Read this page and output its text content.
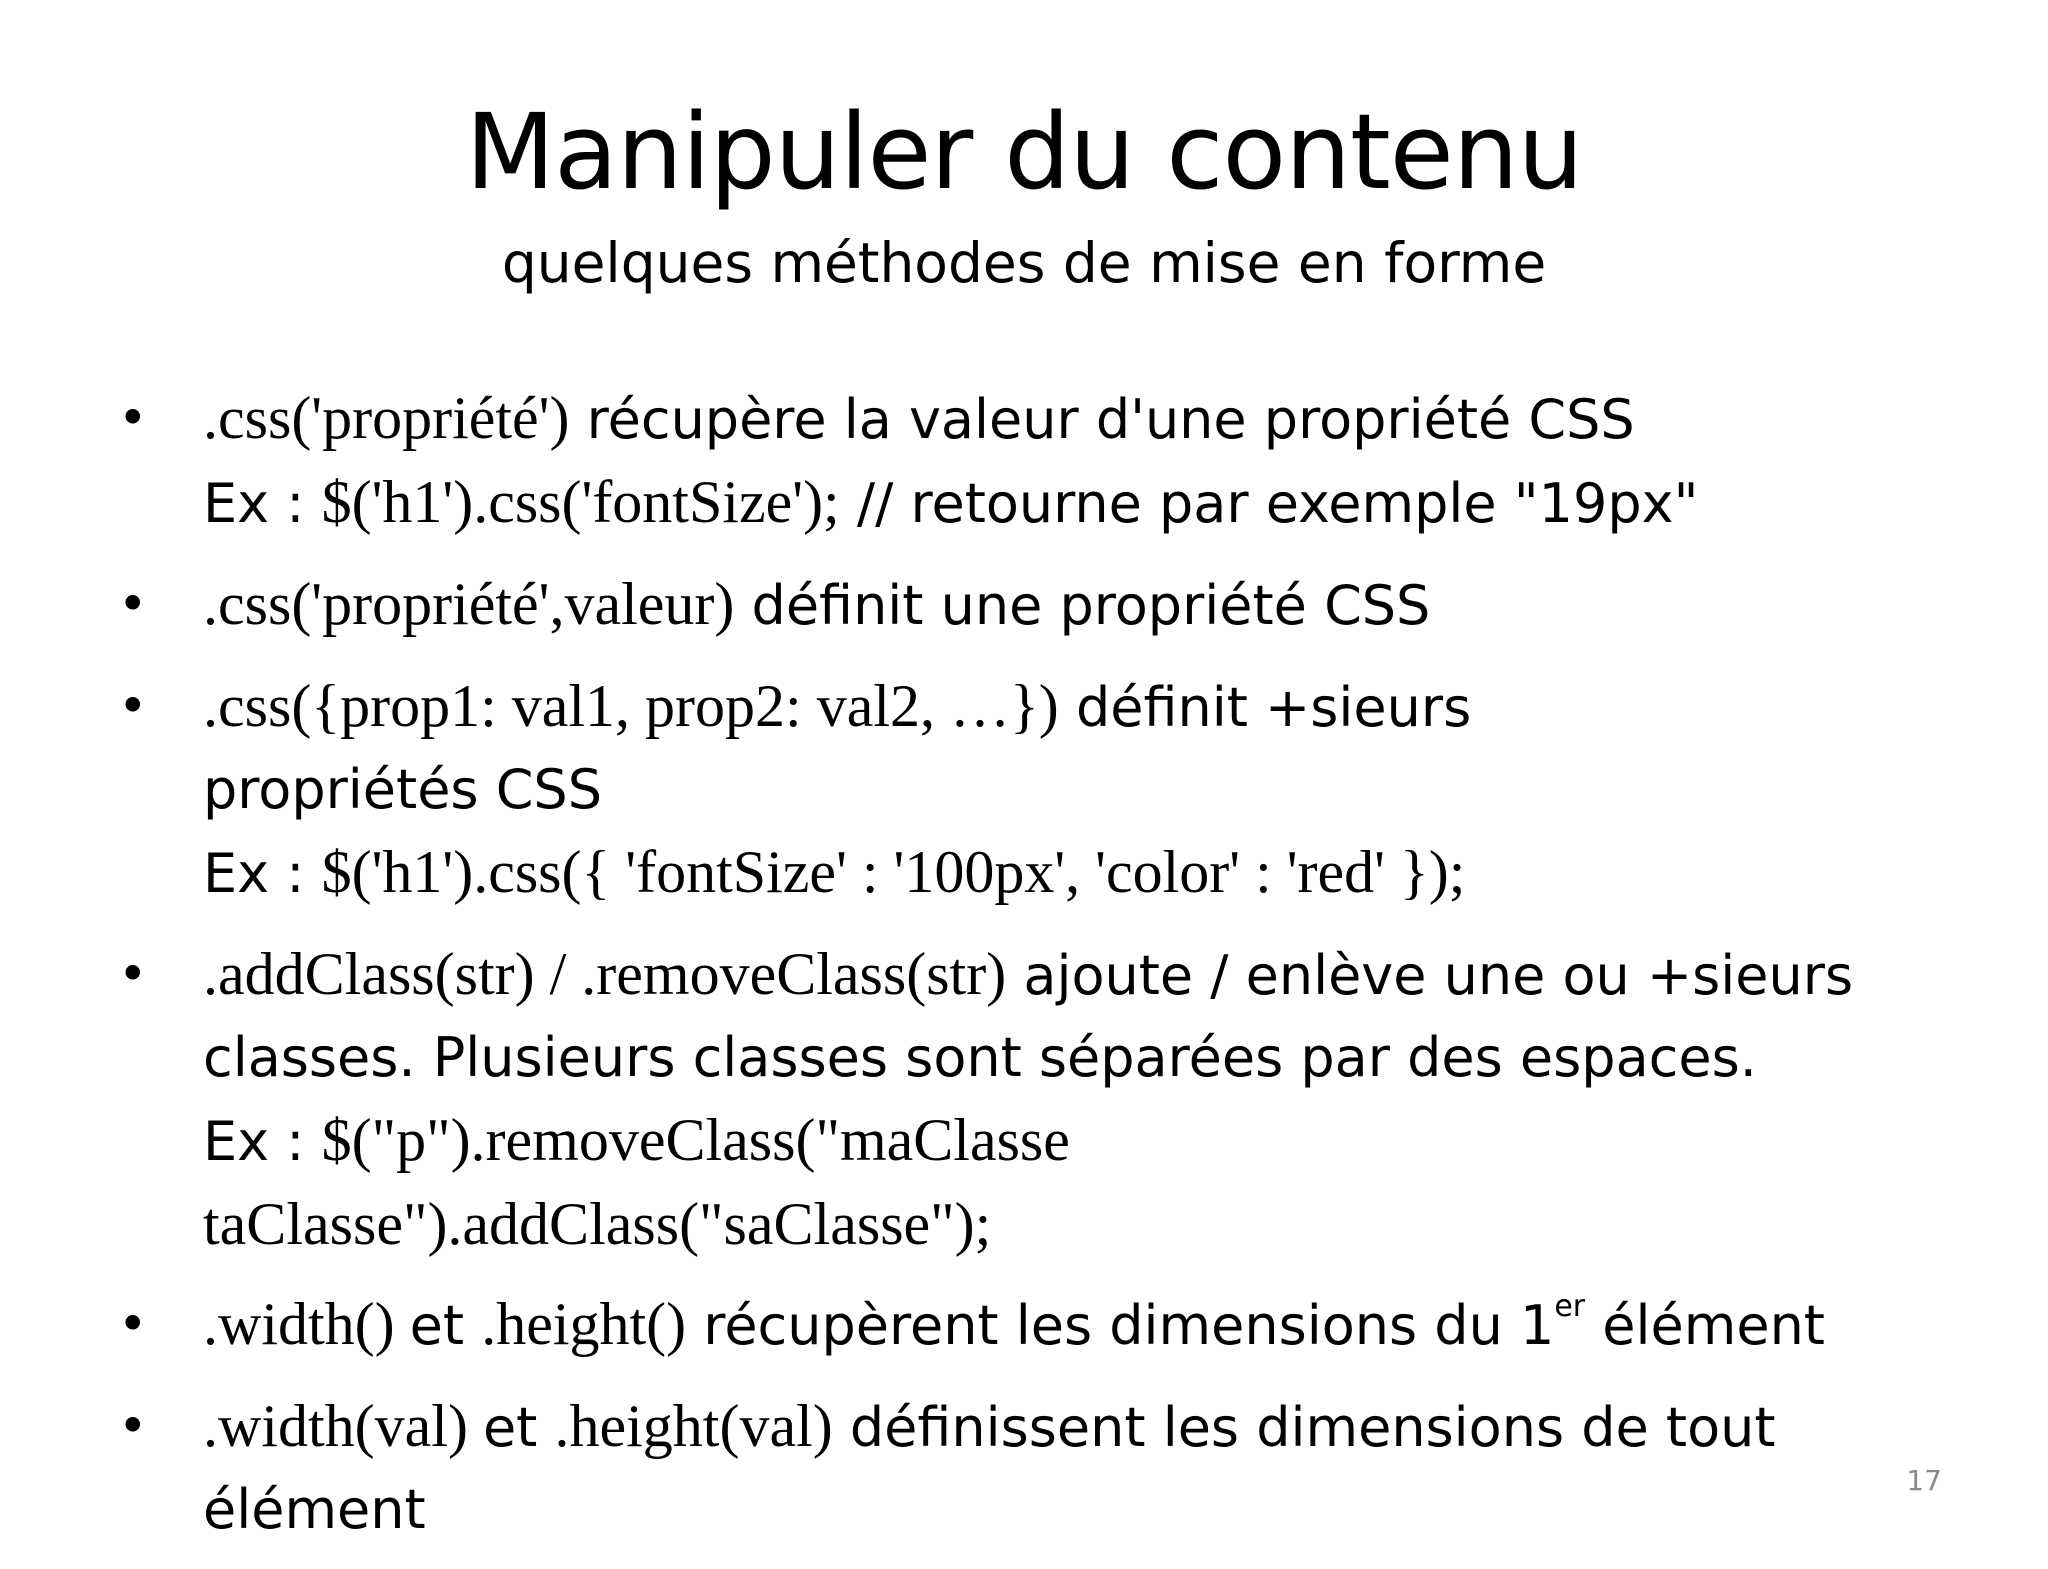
Manipuler du contenu
quelques méthodes de mise en forme
• .css('propriété') récupère la valeur d'une propriété CSS
Ex : $('h1').css('fontSize'); // retourne par exemple "19px"
• .css('propriété',valeur) définit une propriété CSS
• .css({prop1: val1, prop2: val2, …}) définit +sieurs
propriétés CSS
Ex : $('h1').css({ 'fontSize' : '100px', 'color' : 'red' });
• .addClass(str) / .removeClass(str) ajoute / enlève une ou +sieurs
classes. Plusieurs classes sont séparées par des espaces.
Ex : $("p").removeClass("maClasse
taClasse").addClass("saClasse");
• .width() et .height() récupèrent les dimensions du 1er élément
• .width(val) et .height(val) définissent les dimensions de tout
élément	17
